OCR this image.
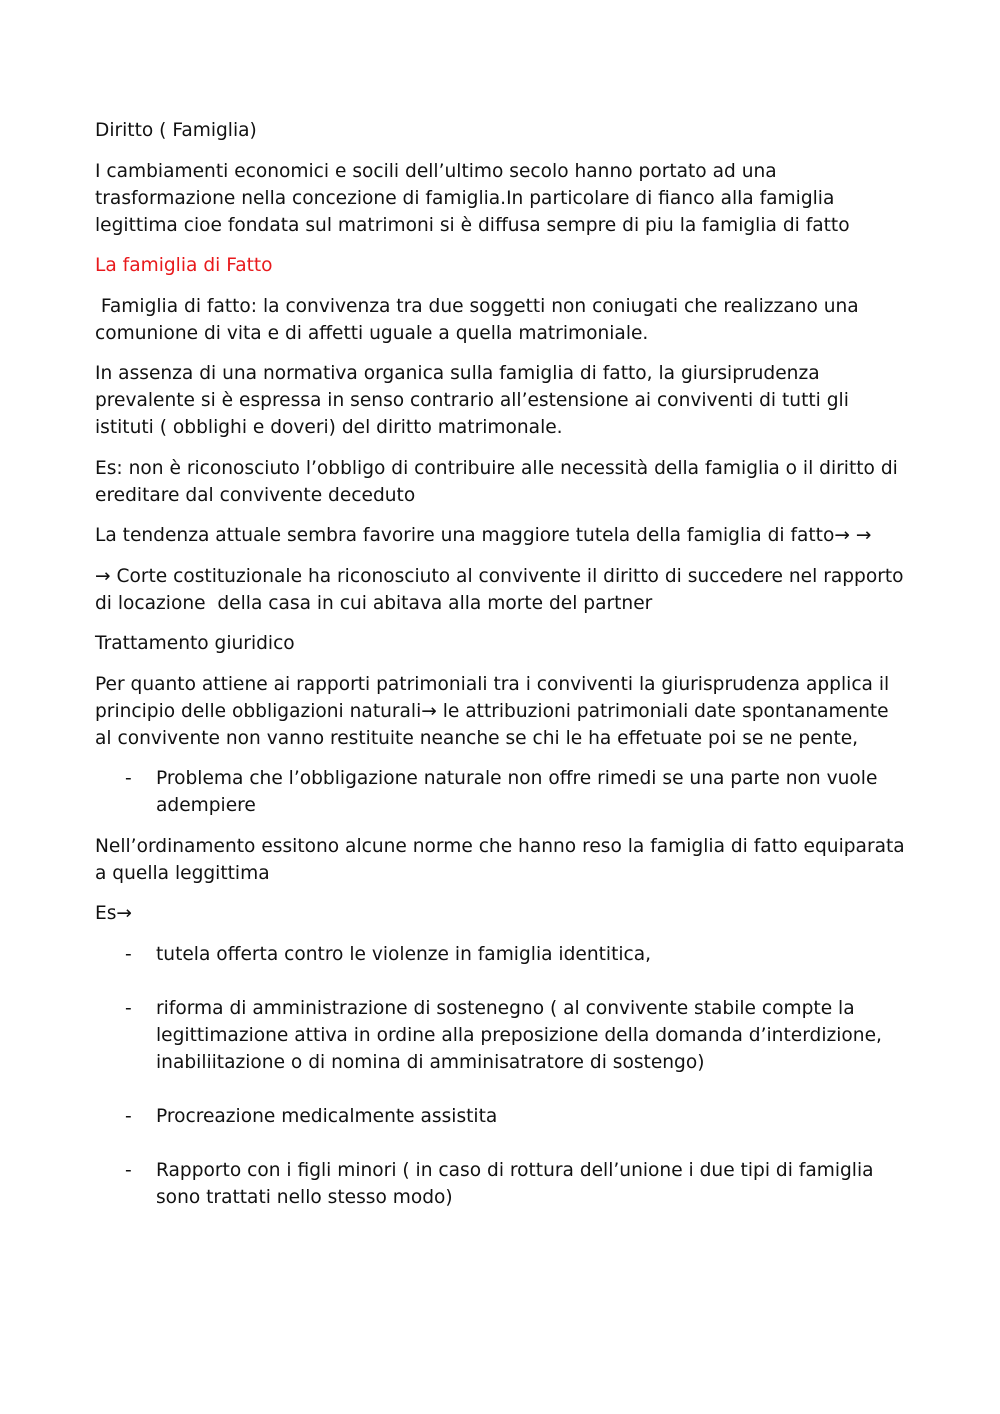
Diritto ( Famiglia)

I cambiamenti economici e socili dell’ultimo secolo hanno portato ad una trasformazione nella concezione di famiglia.In particolare di fianco alla famiglia legittima cioe fondata sul matrimoni si è diffusa sempre di piu la famiglia di fatto

La famiglia di Fatto

Famiglia di fatto: la convivenza tra due soggetti non coniugati che realizzano una comunione di vita e di affetti uguale a quella matrimoniale.

In assenza di una normativa organica sulla famiglia di fatto, la giursiprudenza prevalente si è espressa in senso contrario all’estensione ai conviventi di tutti gli istituti ( obblighi e doveri) del diritto matrimonale.

Es: non è riconosciuto l’obbligo di contribuire alle necessità della famiglia o il diritto di ereditare dal convivente deceduto

La tendenza attuale sembra favorire una maggiore tutela della famiglia di fatto→ →

→ Corte costituzionale ha riconosciuto al convivente il diritto di succedere nel rapporto di locazione  della casa in cui abitava alla morte del partner

Trattamento giuridico

Per quanto attiene ai rapporti patrimoniali tra i conviventi la giurisprudenza applica il principio delle obbligazioni naturali→ le attribuzioni patrimoniali date spontanamente al convivente non vanno restituite neanche se chi le ha effetuate poi se ne pente,

- Problema che l’obbligazione naturale non offre rimedi se una parte non vuole adempiere

Nell’ordinamento essitono alcune norme che hanno reso la famiglia di fatto equiparata a quella leggittima

Es→

- tutela offerta contro le violenze in famiglia identitica,
- riforma di amministrazione di sostenegno ( al convivente stabile compte la legittimazione attiva in ordine alla preposizione della domanda d’interdizione, inabiliitazione o di nomina di amminisatratore di sostengo)
- Procreazione medicalmente assistita
- Rapporto con i figli minori ( in caso di rottura dell’unione i due tipi di famiglia sono trattati nello stesso modo)
